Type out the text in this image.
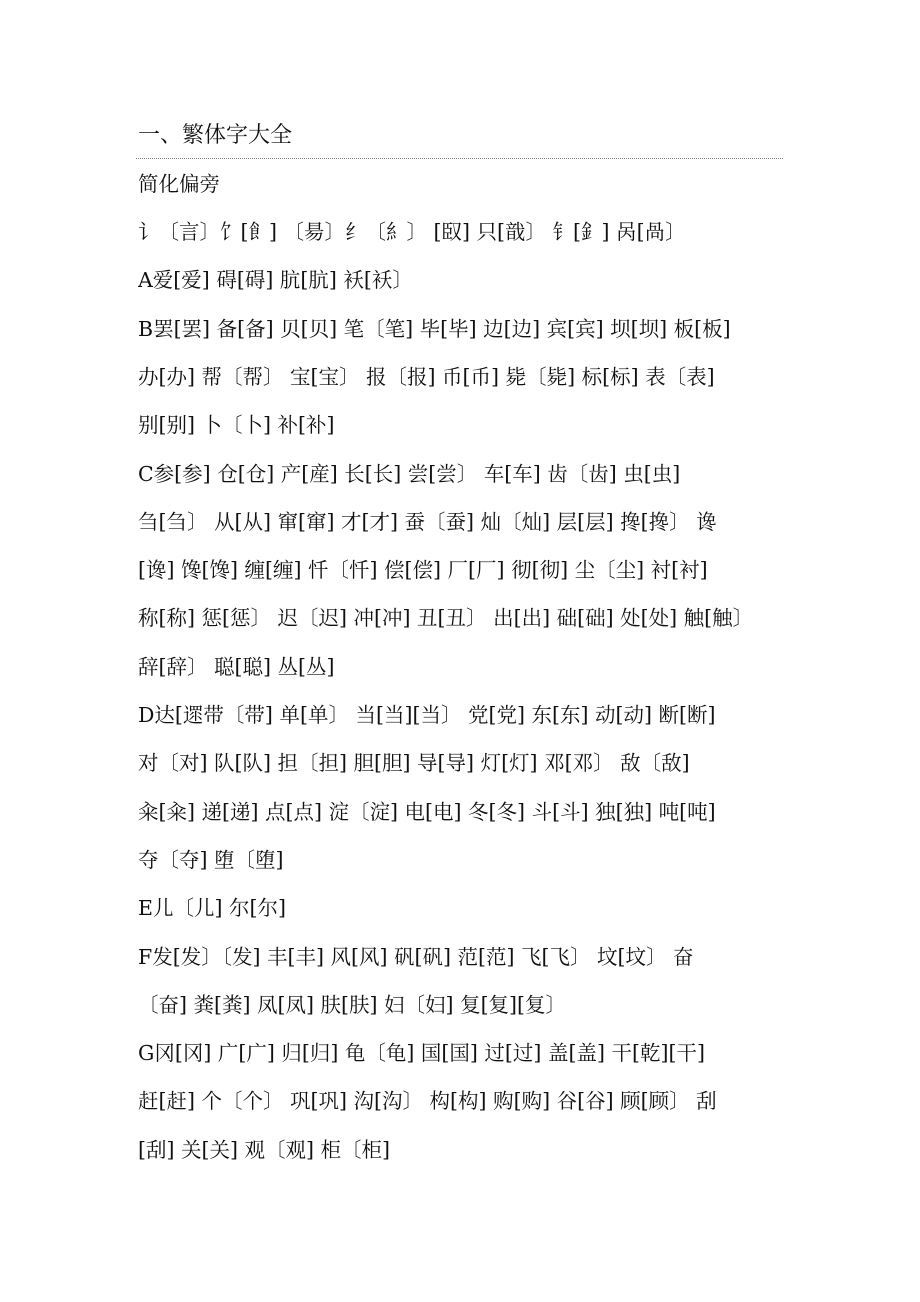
一、繁体字大全
简化偏旁
讠〔言〕饣[飠] 〔昜〕纟〔糹〕 [臤] 只[戠〕 钅[釒] 呙[咼〕
A爱[爱] 碍[碍] 肮[肮] 袄[袄〕
B罢[罢] 备[备] 贝[贝] 笔〔笔] 毕[毕] 边[边] 宾[宾] 坝[坝] 板[板]
办[办] 帮〔帮〕 宝[宝〕 报〔报] 币[币] 毙〔毙] 标[标] 表〔表]
别[别] 卜〔卜] 补[补]
C参[参] 仓[仓] 产[産] 长[长] 尝[尝〕 车[车] 齿〔齿] 虫[虫]
刍[刍〕 从[从] 窜[窜] 才[才] 蚕〔蚕] 灿〔灿] 层[层] 搀[搀〕 谗
[谗] 馋[馋] 缠[缠] 忏〔忏] 偿[偿] 厂[厂] 彻[彻] 尘〔尘] 衬[衬]
称[称] 惩[惩〕 迟〔迟] 冲[冲] 丑[丑〕 出[出] 础[础] 处[处] 触[触〕
辞[辞〕 聪[聪] 丛[丛]
D达[遝带〔带] 单[单〕 当[当][当〕 党[党] 东[东] 动[动] 断[断]
对〔对] 队[队] 担〔担] 胆[胆] 导[导] 灯[灯] 邓[邓〕 敌〔敌]
籴[籴] 递[递] 点[点] 淀〔淀] 电[电] 冬[冬] 斗[斗] 独[独] 吨[吨]
夺〔夺] 堕〔堕]
E儿〔儿] 尔[尔]
F发[发〕〔发] 丰[丰] 风[风] 矾[矾] 范[范] 飞[飞〕 坟[坟〕 奋
〔奋] 粪[粪] 凤[凤] 肤[肤] 妇〔妇] 复[复][复〕
G冈[冈] 广[广] 归[归] 龟〔龟] 国[国] 过[过] 盖[盖] 干[乾][干]
赶[赶] 个〔个〕 巩[巩] 沟[沟〕 构[构] 购[购] 谷[谷] 顾[顾〕 刮
[刮] 关[关] 观〔观] 柜〔柜]
